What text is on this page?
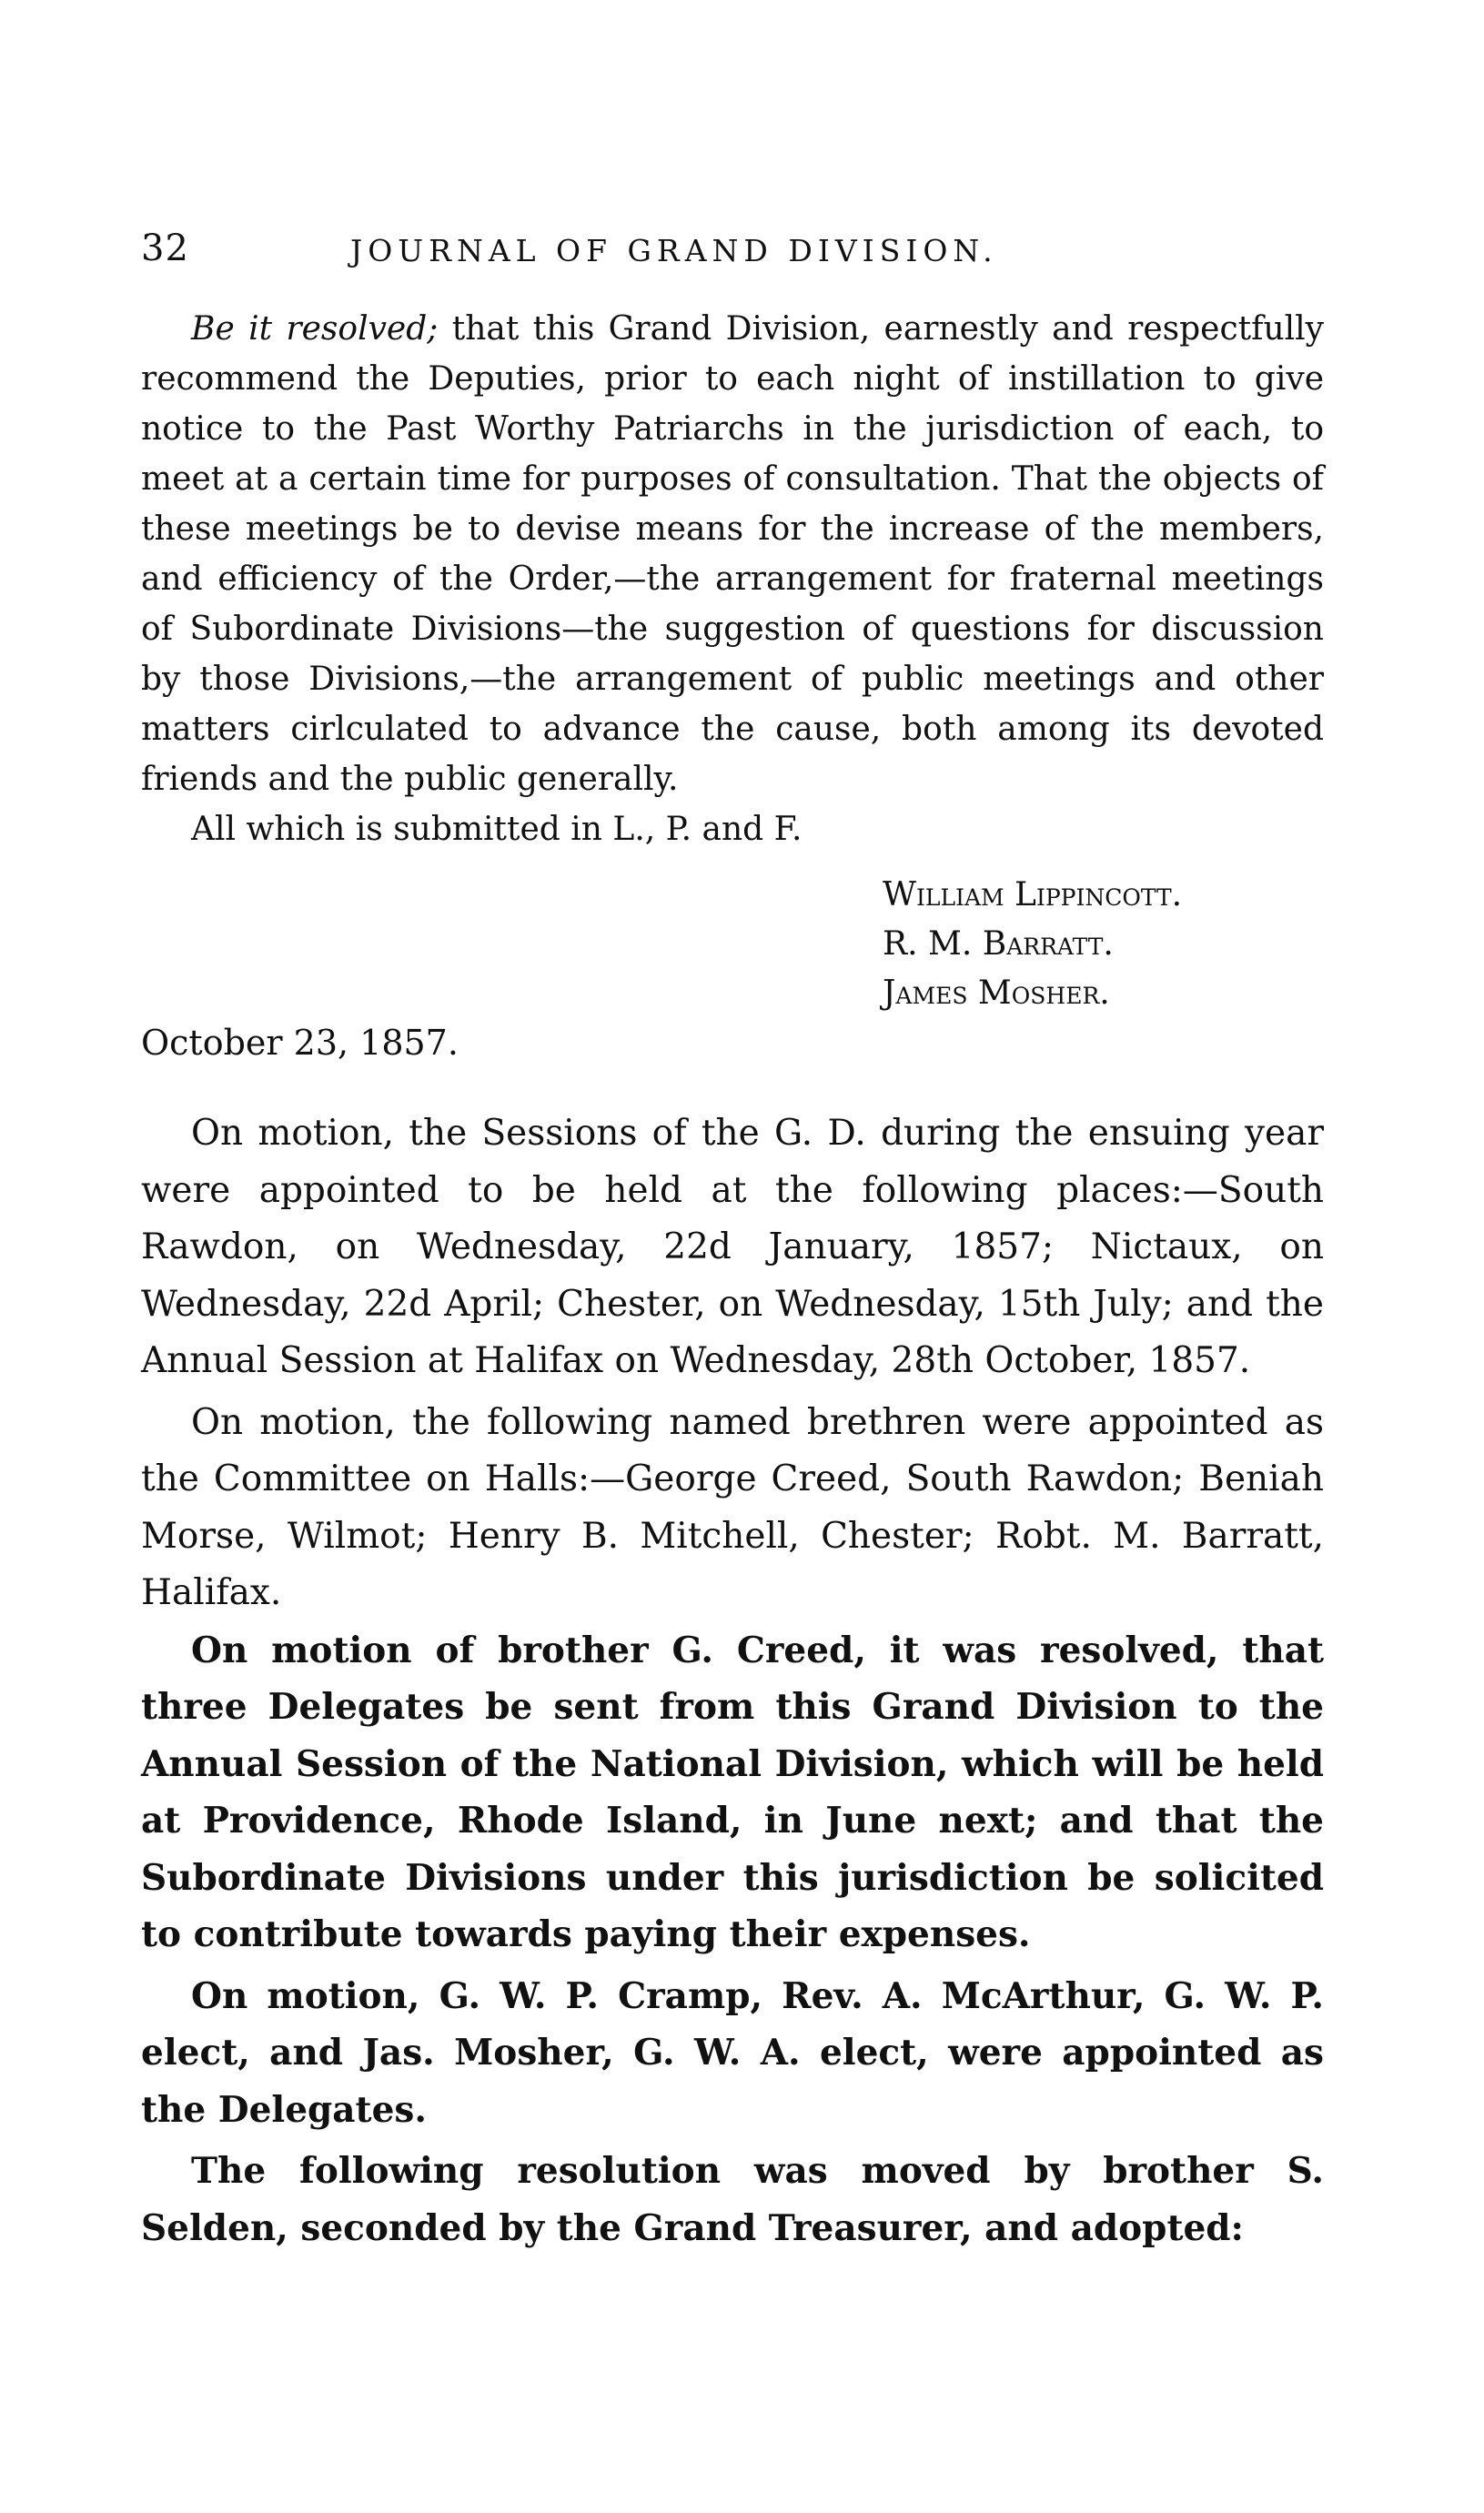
32	JOURNAL OF GRAND DIVISION.

Be it resolved; that this Grand Division, earnestly and respectfully recommend the Deputies, prior to each night of instillation to give notice to the Past Worthy Patriarchs in the jurisdiction of each, to meet at a certain time for purposes of consultation. That the objects of these meetings be to devise means for the increase of the members, and efficiency of the Order,—the arrangement for fraternal meetings of Subordinate Divisions—the suggestion of questions for discussion by those Divisions,—the arrangement of public meetings and other matters cirlculated to advance the cause, both among its devoted friends and the public generally.

All which is submitted in L., P. and F.

William Lippincott.
R. M. Barratt.
James Mosher.
October 23, 1857.

On motion, the Sessions of the G. D. during the ensuing year were appointed to be held at the following places:—South Rawdon, on Wednesday, 22d January, 1857; Nictaux, on Wednesday, 22d April; Chester, on Wednesday, 15th July; and the Annual Session at Halifax on Wednesday, 28th October, 1857.

On motion, the following named brethren were appointed as the Committee on Halls:—George Creed, South Rawdon; Beniah Morse, Wilmot; Henry B. Mitchell, Chester; Robt. M. Barratt, Halifax.

On motion of brother G. Creed, it was resolved, that three Delegates be sent from this Grand Division to the Annual Session of the National Division, which will be held at Providence, Rhode Island, in June next; and that the Subordinate Divisions under this jurisdiction be solicited to contribute towards paying their expenses.

On motion, G. W. P. Cramp, Rev. A. McArthur, G. W. P. elect, and Jas. Mosher, G. W. A. elect, were appointed as the Delegates.

The following resolution was moved by brother S. Selden, seconded by the Grand Treasurer, and adopted:
